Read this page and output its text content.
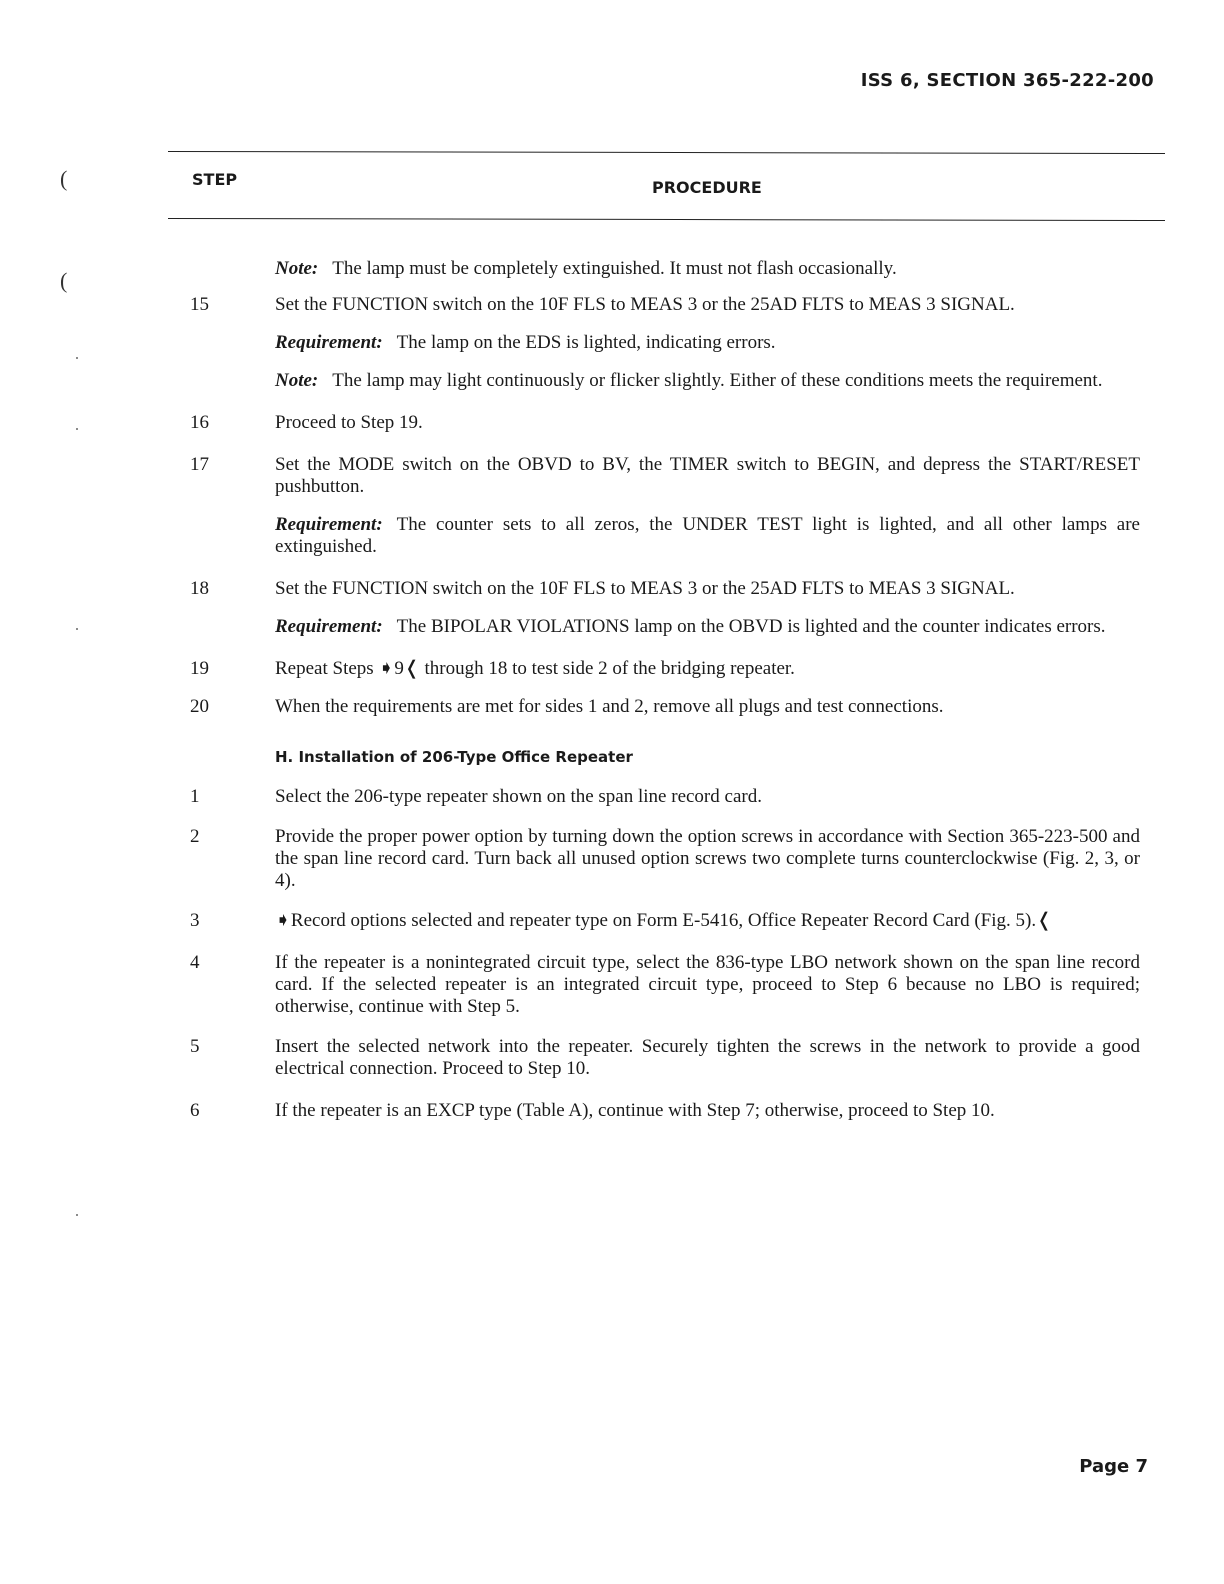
ISS 6, SECTION 365-222-200
(
(
STEP	PROCEDURE
Note: The lamp must be completely extinguished. It must not flash occasionally.
15	Set the FUNCTION switch on the 10F FLS to MEAS 3 or the 25AD FLTS to MEAS 3 SIGNAL.
Requirement: The lamp on the EDS is lighted, indicating errors.
Note: The lamp may light continuously or flicker slightly. Either of these conditions meets the requirement.
16	Proceed to Step 19.
17	Set the MODE switch on the OBVD to BV, the TIMER switch to BEGIN, and depress the START/RESET pushbutton.
Requirement: The counter sets to all zeros, the UNDER TEST light is lighted, and all other lamps are extinguished.
18	Set the FUNCTION switch on the 10F FLS to MEAS 3 or the 25AD FLTS to MEAS 3 SIGNAL.
Requirement: The BIPOLAR VIOLATIONS lamp on the OBVD is lighted and the counter indicates errors.
19	Repeat Steps ➧9❬ through 18 to test side 2 of the bridging repeater.
20	When the requirements are met for sides 1 and 2, remove all plugs and test connections.
H. Installation of 206-Type Office Repeater
1	Select the 206-type repeater shown on the span line record card.
2	Provide the proper power option by turning down the option screws in accordance with Section 365-223-500 and the span line record card. Turn back all unused option screws two complete turns counterclockwise (Fig. 2, 3, or 4).
3	➧Record options selected and repeater type on Form E-5416, Office Repeater Record Card (Fig. 5).❬
4	If the repeater is a nonintegrated circuit type, select the 836-type LBO network shown on the span line record card. If the selected repeater is an integrated circuit type, proceed to Step 6 because no LBO is required; otherwise, continue with Step 5.
5	Insert the selected network into the repeater. Securely tighten the screws in the network to provide a good electrical connection. Proceed to Step 10.
6	If the repeater is an EXCP type (Table A), continue with Step 7; otherwise, proceed to Step 10.
Page 7
